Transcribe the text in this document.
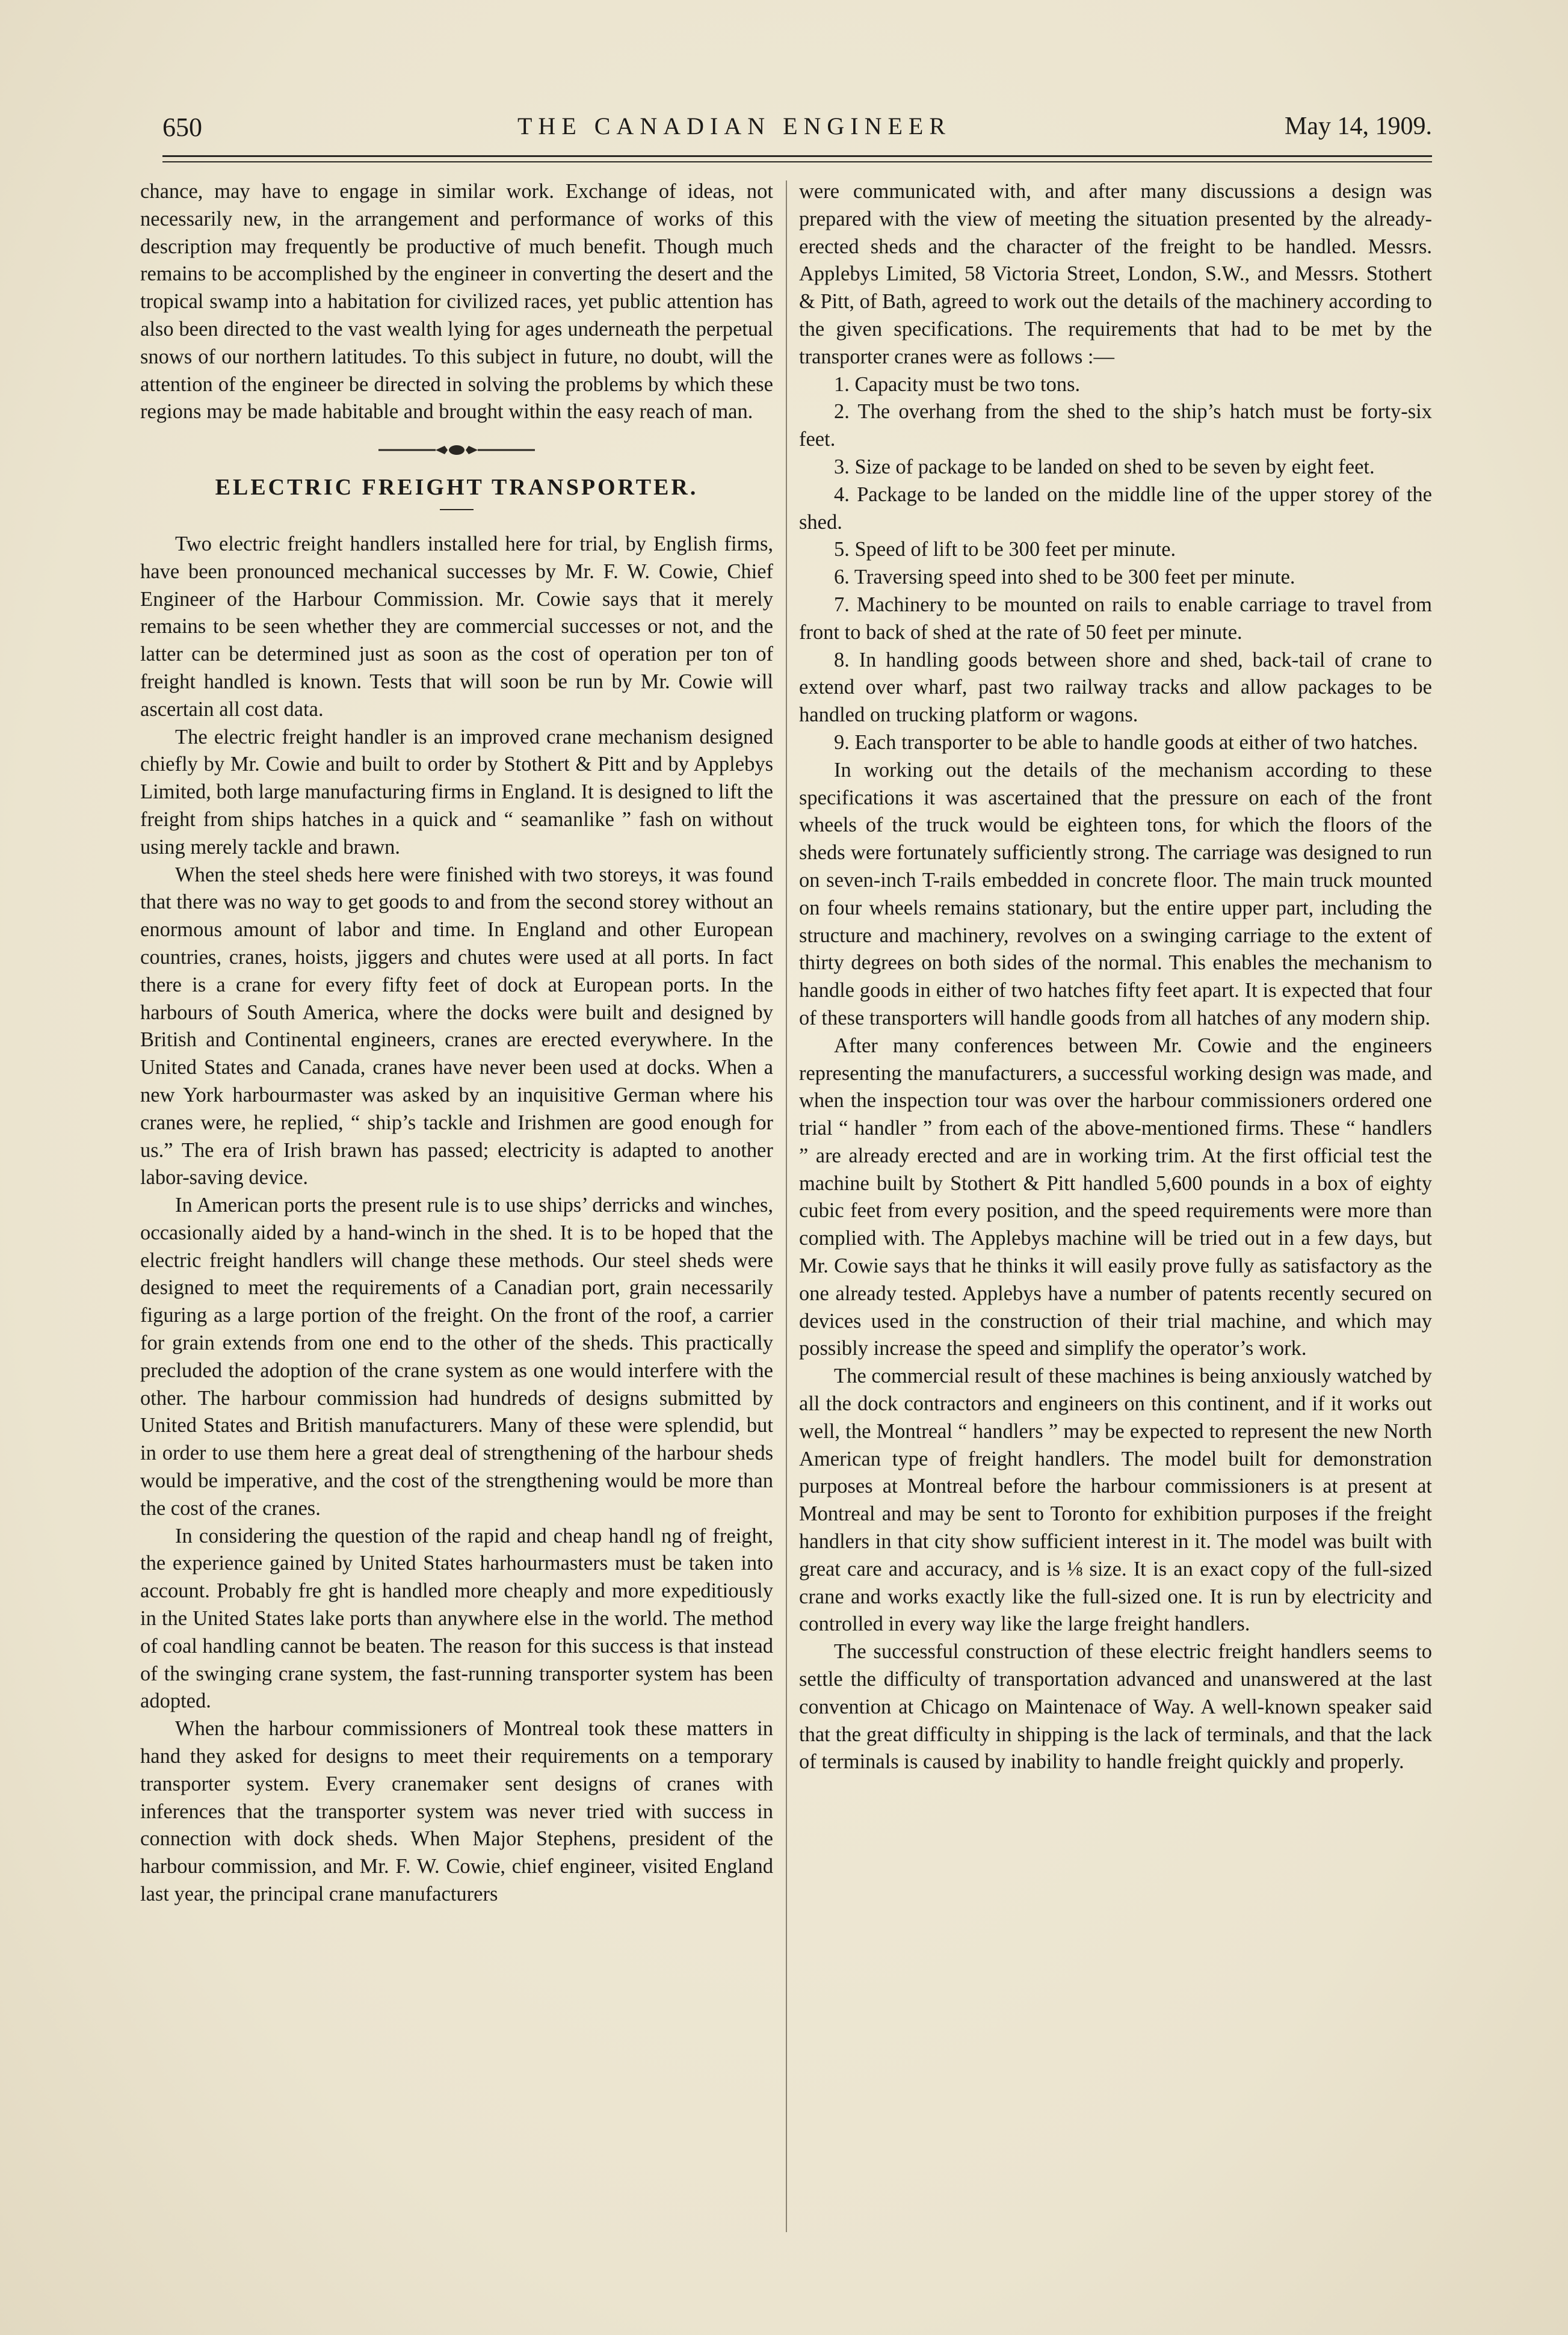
650	THE CANADIAN ENGINEER	May 14, 1909.

chance, may have to engage in similar work. Exchange of ideas, not necessarily new, in the arrangement and performance of works of this description may frequently be productive of much benefit. Though much remains to be accomplished by the engineer in converting the desert and the tropical swamp into a habitation for civilized races, yet public attention has also been directed to the vast wealth lying for ages underneath the perpetual snows of our northern latitudes. To this subject in future, no doubt, will the attention of the engineer be directed in solving the problems by which these regions may be made habitable and brought within the easy reach of man.

ELECTRIC FREIGHT TRANSPORTER.

Two electric freight handlers installed here for trial, by English firms, have been pronounced mechanical successes by Mr. F. W. Cowie, Chief Engineer of the Harbour Commission. Mr. Cowie says that it merely remains to be seen whether they are commercial successes or not, and the latter can be determined just as soon as the cost of operation per ton of freight handled is known. Tests that will soon be run by Mr. Cowie will ascertain all cost data.

The electric freight handler is an improved crane mechanism designed chiefly by Mr. Cowie and built to order by Stothert & Pitt and by Applebys Limited, both large manufacturing firms in England. It is designed to lift the freight from ships hatches in a quick and “ seamanlike ” fash on without using merely tackle and brawn.

When the steel sheds here were finished with two storeys, it was found that there was no way to get goods to and from the second storey without an enormous amount of labor and time. In England and other European countries, cranes, hoists, jiggers and chutes were used at all ports. In fact there is a crane for every fifty feet of dock at European ports. In the harbours of South America, where the docks were built and designed by British and Continental engineers, cranes are erected everywhere. In the United States and Canada, cranes have never been used at docks. When a new York harbourmaster was asked by an inquisitive German where his cranes were, he replied, “ ship’s tackle and Irishmen are good enough for us.” The era of Irish brawn has passed; electricity is adapted to another labor-saving device.

In American ports the present rule is to use ships’ derricks and winches, occasionally aided by a hand-winch in the shed. It is to be hoped that the electric freight handlers will change these methods. Our steel sheds were designed to meet the requirements of a Canadian port, grain necessarily figuring as a large portion of the freight. On the front of the roof, a carrier for grain extends from one end to the other of the sheds. This practically precluded the adoption of the crane system as one would interfere with the other. The harbour commission had hundreds of designs submitted by United States and British manufacturers. Many of these were splendid, but in order to use them here a great deal of strengthening of the harbour sheds would be imperative, and the cost of the strengthening would be more than the cost of the cranes.

In considering the question of the rapid and cheap handl ng of freight, the experience gained by United States harhourmasters must be taken into account. Probably fre ght is handled more cheaply and more expeditiously in the United States lake ports than anywhere else in the world. The method of coal handling cannot be beaten. The reason for this success is that instead of the swinging crane system, the fast-running transporter system has been adopted.

When the harbour commissioners of Montreal took these matters in hand they asked for designs to meet their requirements on a temporary transporter system. Every cranemaker sent designs of cranes with inferences that the transporter system was never tried with success in connection with dock sheds. When Major Stephens, president of the harbour commission, and Mr. F. W. Cowie, chief engineer, visited England last year, the principal crane manufacturers

were communicated with, and after many discussions a design was prepared with the view of meeting the situation presented by the already-erected sheds and the character of the freight to be handled. Messrs. Applebys Limited, 58 Victoria Street, London, S.W., and Messrs. Stothert & Pitt, of Bath, agreed to work out the details of the machinery according to the given specifications. The requirements that had to be met by the transporter cranes were as follows :—

1. Capacity must be two tons.

2. The overhang from the shed to the ship’s hatch must be forty-six feet.

3. Size of package to be landed on shed to be seven by eight feet.

4. Package to be landed on the middle line of the upper storey of the shed.

5. Speed of lift to be 300 feet per minute.

6. Traversing speed into shed to be 300 feet per minute.

7. Machinery to be mounted on rails to enable carriage to travel from front to back of shed at the rate of 50 feet per minute.

8. In handling goods between shore and shed, back-tail of crane to extend over wharf, past two railway tracks and allow packages to be handled on trucking platform or wagons.

9. Each transporter to be able to handle goods at either of two hatches.

In working out the details of the mechanism according to these specifications it was ascertained that the pressure on each of the front wheels of the truck would be eighteen tons, for which the floors of the sheds were fortunately sufficiently strong. The carriage was designed to run on seven-inch T-rails embedded in concrete floor. The main truck mounted on four wheels remains stationary, but the entire upper part, including the structure and machinery, revolves on a swinging carriage to the extent of thirty degrees on both sides of the normal. This enables the mechanism to handle goods in either of two hatches fifty feet apart. It is expected that four of these transporters will handle goods from all hatches of any modern ship.

After many conferences between Mr. Cowie and the engineers representing the manufacturers, a successful working design was made, and when the inspection tour was over the harbour commissioners ordered one trial “ handler ” from each of the above-mentioned firms. These “ handlers ” are already erected and are in working trim. At the first official test the machine built by Stothert & Pitt handled 5,600 pounds in a box of eighty cubic feet from every position, and the speed requirements were more than complied with. The Applebys machine will be tried out in a few days, but Mr. Cowie says that he thinks it will easily prove fully as satisfactory as the one already tested. Applebys have a number of patents recently secured on devices used in the construction of their trial machine, and which may possibly increase the speed and simplify the operator’s work.

The commercial result of these machines is being anxiously watched by all the dock contractors and engineers on this continent, and if it works out well, the Montreal “ handlers ” may be expected to represent the new North American type of freight handlers. The model built for demonstration purposes at Montreal before the harbour commissioners is at present at Montreal and may be sent to Toronto for exhibition purposes if the freight handlers in that city show sufficient interest in it. The model was built with great care and accuracy, and is ⅛ size. It is an exact copy of the full-sized crane and works exactly like the full-sized one. It is run by electricity and controlled in every way like the large freight handlers.

The successful construction of these electric freight handlers seems to settle the difficulty of transportation advanced and unanswered at the last convention at Chicago on Maintenace of Way. A well-known speaker said that the great difficulty in shipping is the lack of terminals, and that the lack of terminals is caused by inability to handle freight quickly and properly.
